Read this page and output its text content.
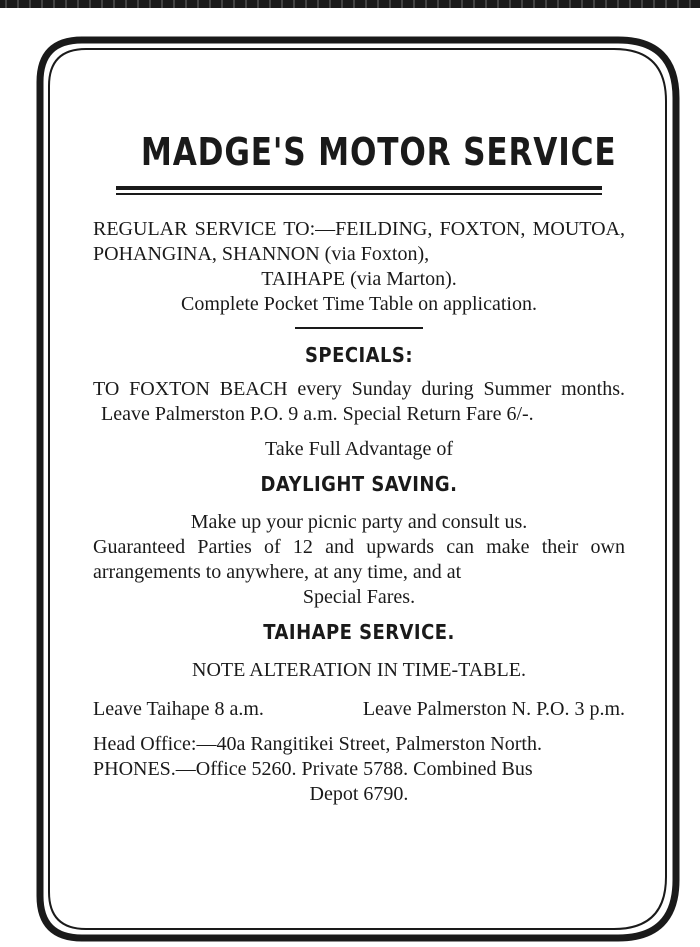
MADGE'S MOTOR SERVICE

REGULAR SERVICE TO:—FEILDING, FOXTON, MOUTOA, POHANGINA, SHANNON (via Foxton),

TAIHAPE (via Marton).

Complete Pocket Time Table on application.

SPECIALS:

TO FOXTON BEACH every Sunday during Summer months. Leave Palmerston P.O. 9 a.m. Special Return Fare 6/-.

Take Full Advantage of

DAYLIGHT SAVING.

Make up your picnic party and consult us.

Guaranteed Parties of 12 and upwards can make their own arrangements to anywhere, at any time, and at

Special Fares.

TAIHAPE SERVICE.

NOTE ALTERATION IN TIME-TABLE.

Leave Taihape 8 a.m.	Leave Palmerston N. P.O. 3 p.m.

Head Office:—40a Rangitikei Street, Palmerston North.

PHONES.—Office 5260. Private 5788. Combined Bus

Depot 6790.
